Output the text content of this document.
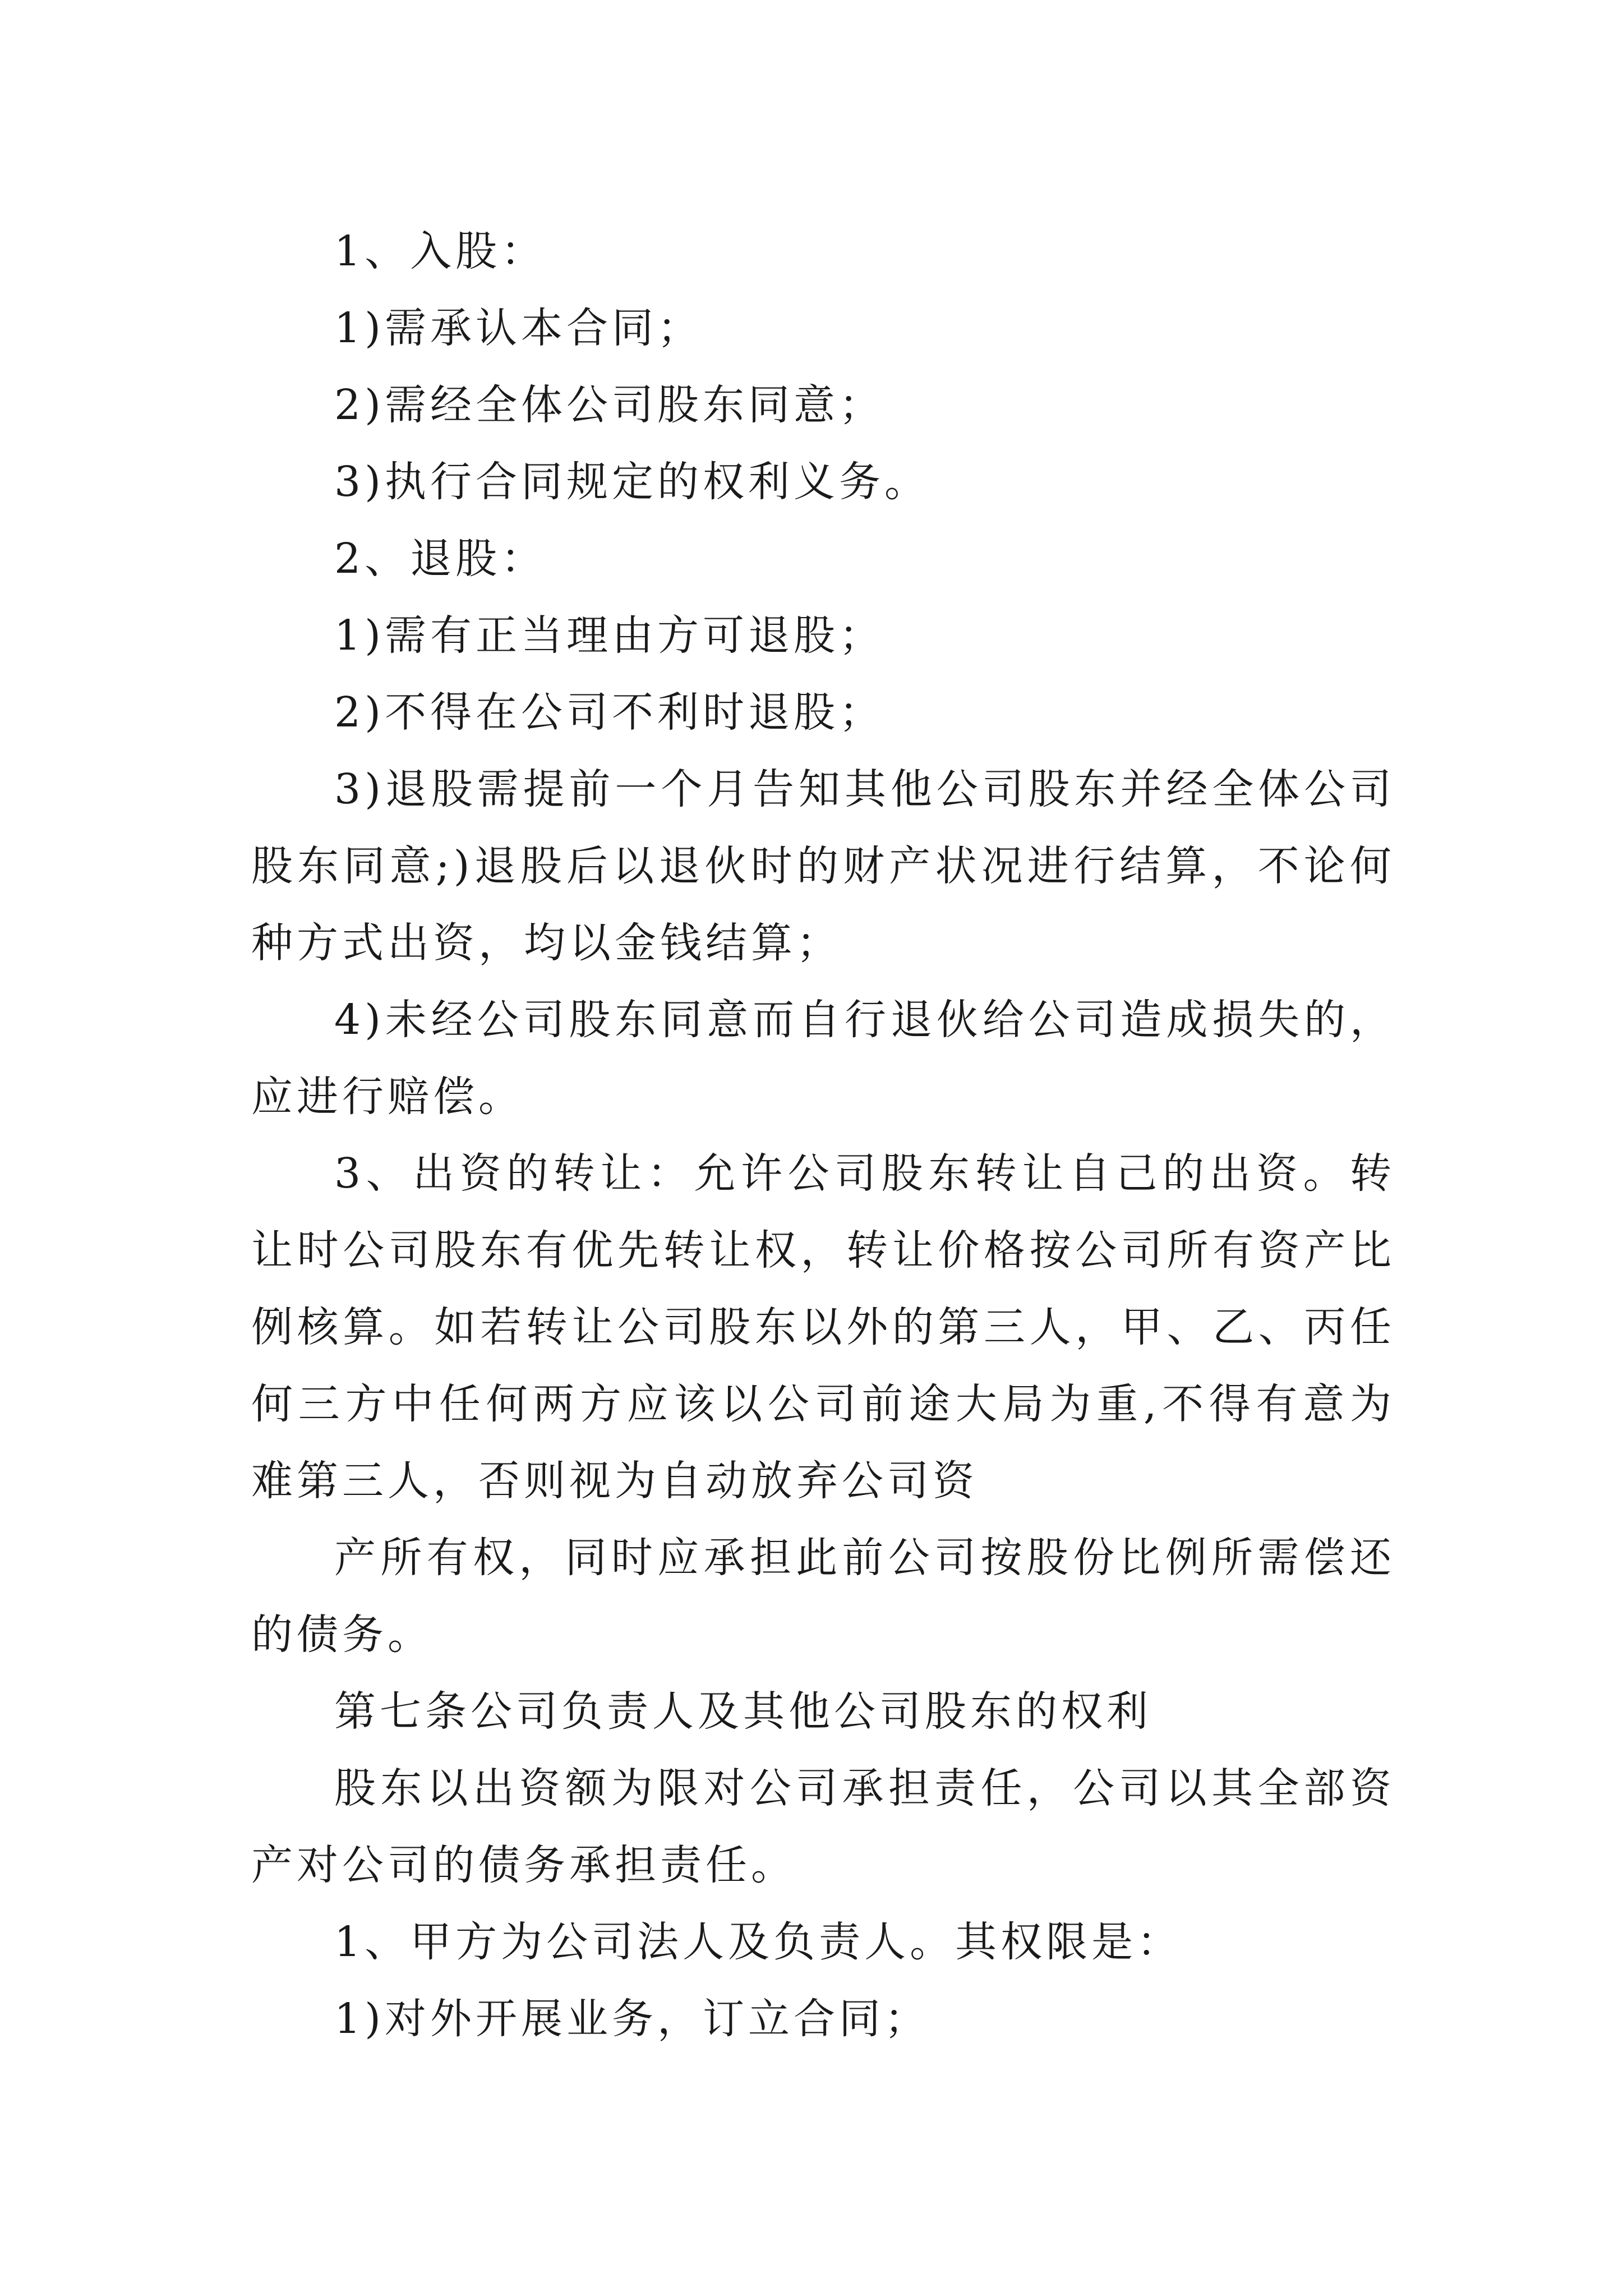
1、入股：

1)需承认本合同；

2)需经全体公司股东同意；

3)执行合同规定的权利义务。

2、退股：

1)需有正当理由方可退股；

2)不得在公司不利时退股；

3)退股需提前一个月告知其他公司股东并经全体公司股东同意;)退股后以退伙时的财产状况进行结算，不论何种方式出资，均以金钱结算；

4)未经公司股东同意而自行退伙给公司造成损失的，应进行赔偿。

3、出资的转让：允许公司股东转让自己的出资。转让时公司股东有优先转让权，转让价格按公司所有资产比例核算。如若转让公司股东以外的第三人，甲、乙、丙任何三方中任何两方应该以公司前途大局为重,不得有意为难第三人，否则视为自动放弃公司资

产所有权，同时应承担此前公司按股份比例所需偿还的债务。

第七条公司负责人及其他公司股东的权利

股东以出资额为限对公司承担责任，公司以其全部资产对公司的债务承担责任。

1、甲方为公司法人及负责人。其权限是：

1)对外开展业务，订立合同；
